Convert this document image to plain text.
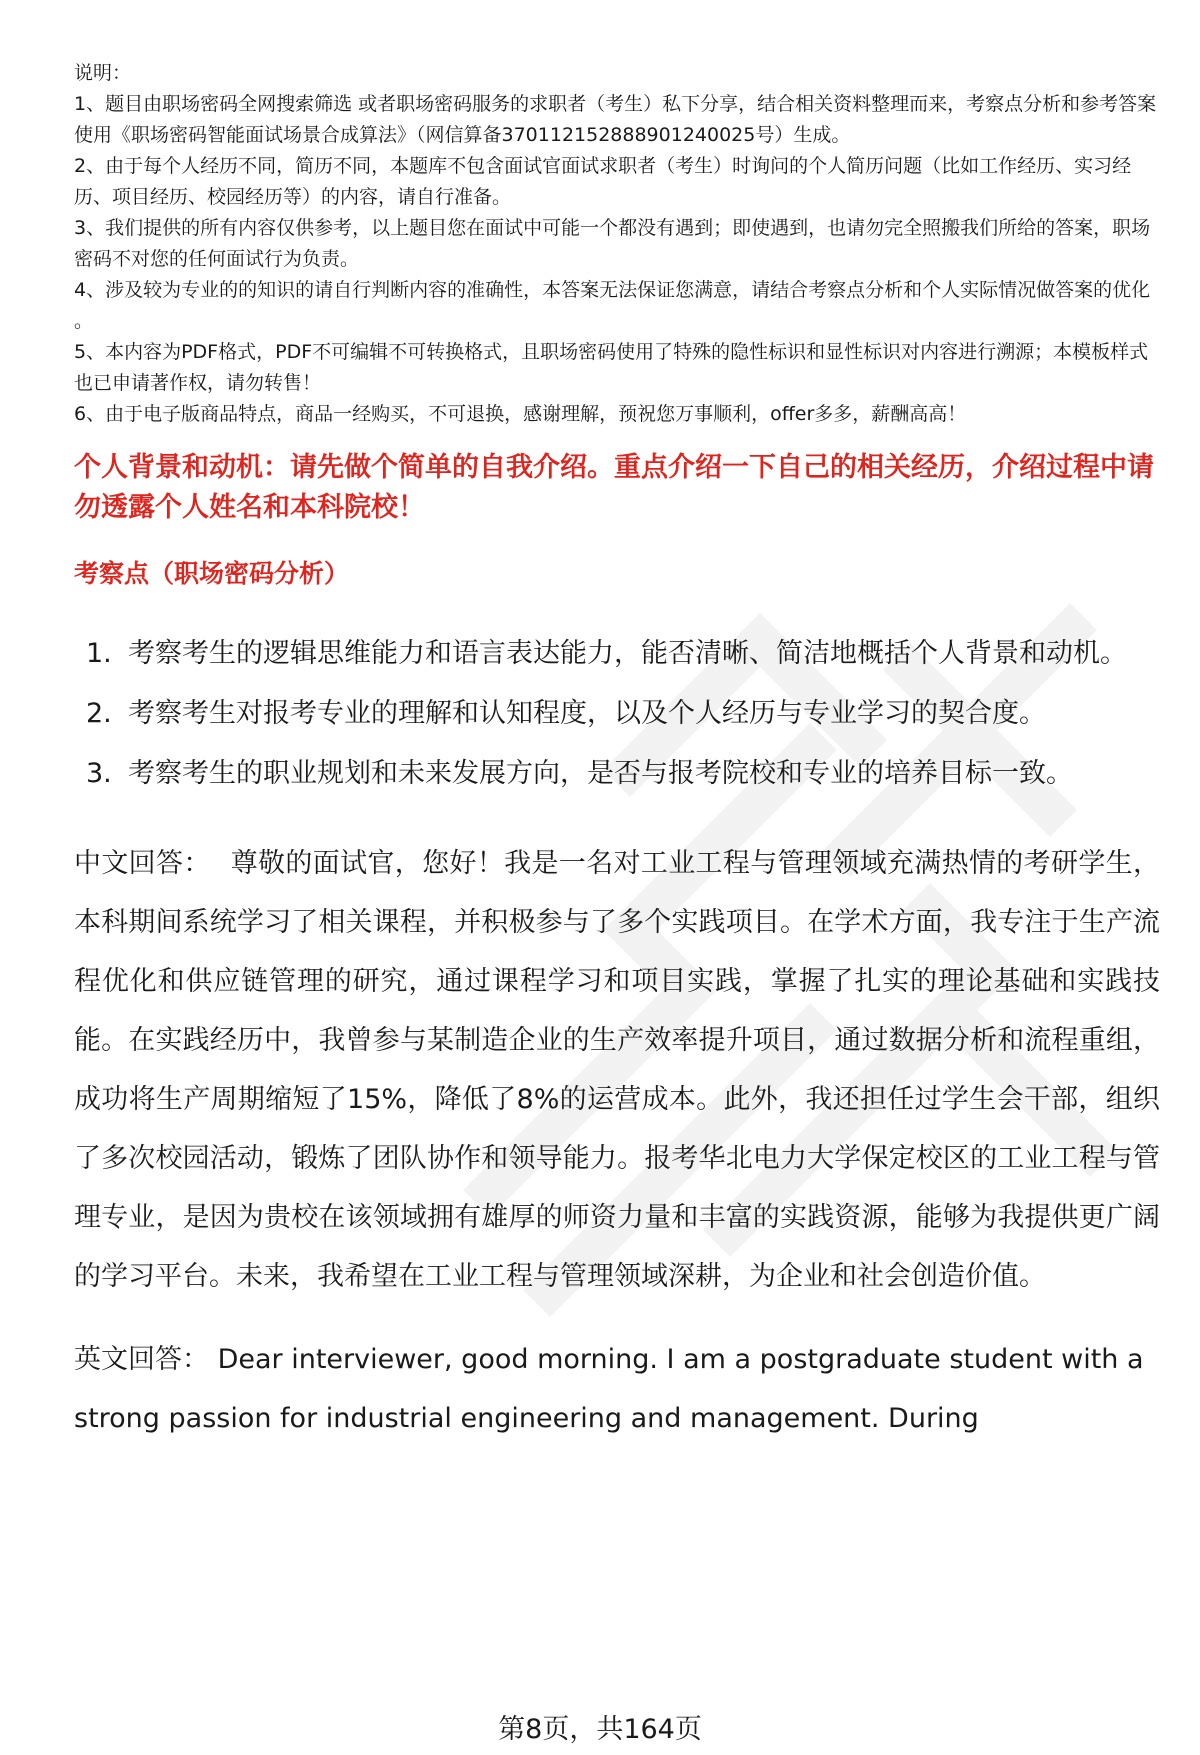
说明：
1、题目由职场密码全网搜索筛选 或者职场密码服务的求职者（考生）私下分享，结合相关资料整理而来，考察点分析和参考答案使用《职场密码智能面试场景合成算法》（网信算备370112152888901240025号）生成。
2、由于每个人经历不同，简历不同，本题库不包含面试官面试求职者（考生）时询问的个人简历问题（比如工作经历、实习经历、项目经历、校园经历等）的内容，请自行准备。
3、我们提供的所有内容仅供参考，以上题目您在面试中可能一个都没有遇到；即使遇到，也请勿完全照搬我们所给的答案，职场密码不对您的任何面试行为负责。
4、涉及较为专业的的知识的请自行判断内容的准确性，本答案无法保证您满意，请结合考察点分析和个人实际情况做答案的优化 。
5、本内容为PDF格式，PDF不可编辑不可转换格式，且职场密码使用了特殊的隐性标识和显性标识对内容进行溯源；本模板样式也已申请著作权，请勿转售！
6、由于电子版商品特点，商品一经购买，不可退换，感谢理解，预祝您万事顺利，offer多多，薪酬高高！
个人背景和动机：请先做个简单的自我介绍。重点介绍一下自己的相关经历，介绍过程中请勿透露个人姓名和本科院校！
考察点（职场密码分析）
1. 考察考生的逻辑思维能力和语言表达能力，能否清晰、简洁地概括个人背景和动机。
2. 考察考生对报考专业的理解和认知程度，以及个人经历与专业学习的契合度。
3. 考察考生的职业规划和未来发展方向，是否与报考院校和专业的培养目标一致。
中文回答： 尊敬的面试官，您好！我是一名对工业工程与管理领域充满热情的考研学生，本科期间系统学习了相关课程，并积极参与了多个实践项目。在学术方面，我专注于生产流程优化和供应链管理的研究，通过课程学习和项目实践，掌握了扎实的理论基础和实践技能。在实践经历中，我曾参与某制造企业的生产效率提升项目，通过数据分析和流程重组，成功将生产周期缩短了15%，降低了8%的运营成本。此外，我还担任过学生会干部，组织了多次校园活动，锻炼了团队协作和领导能力。报考华北电力大学保定校区的工业工程与管理专业，是因为贵校在该领域拥有雄厚的师资力量和丰富的实践资源，能够为我提供更广阔的学习平台。未来，我希望在工业工程与管理领域深耕，为企业和社会创造价值。
英文回答： Dear interviewer, good morning. I am a postgraduate student with a strong passion for industrial engineering and management. During
第8页，共164页
